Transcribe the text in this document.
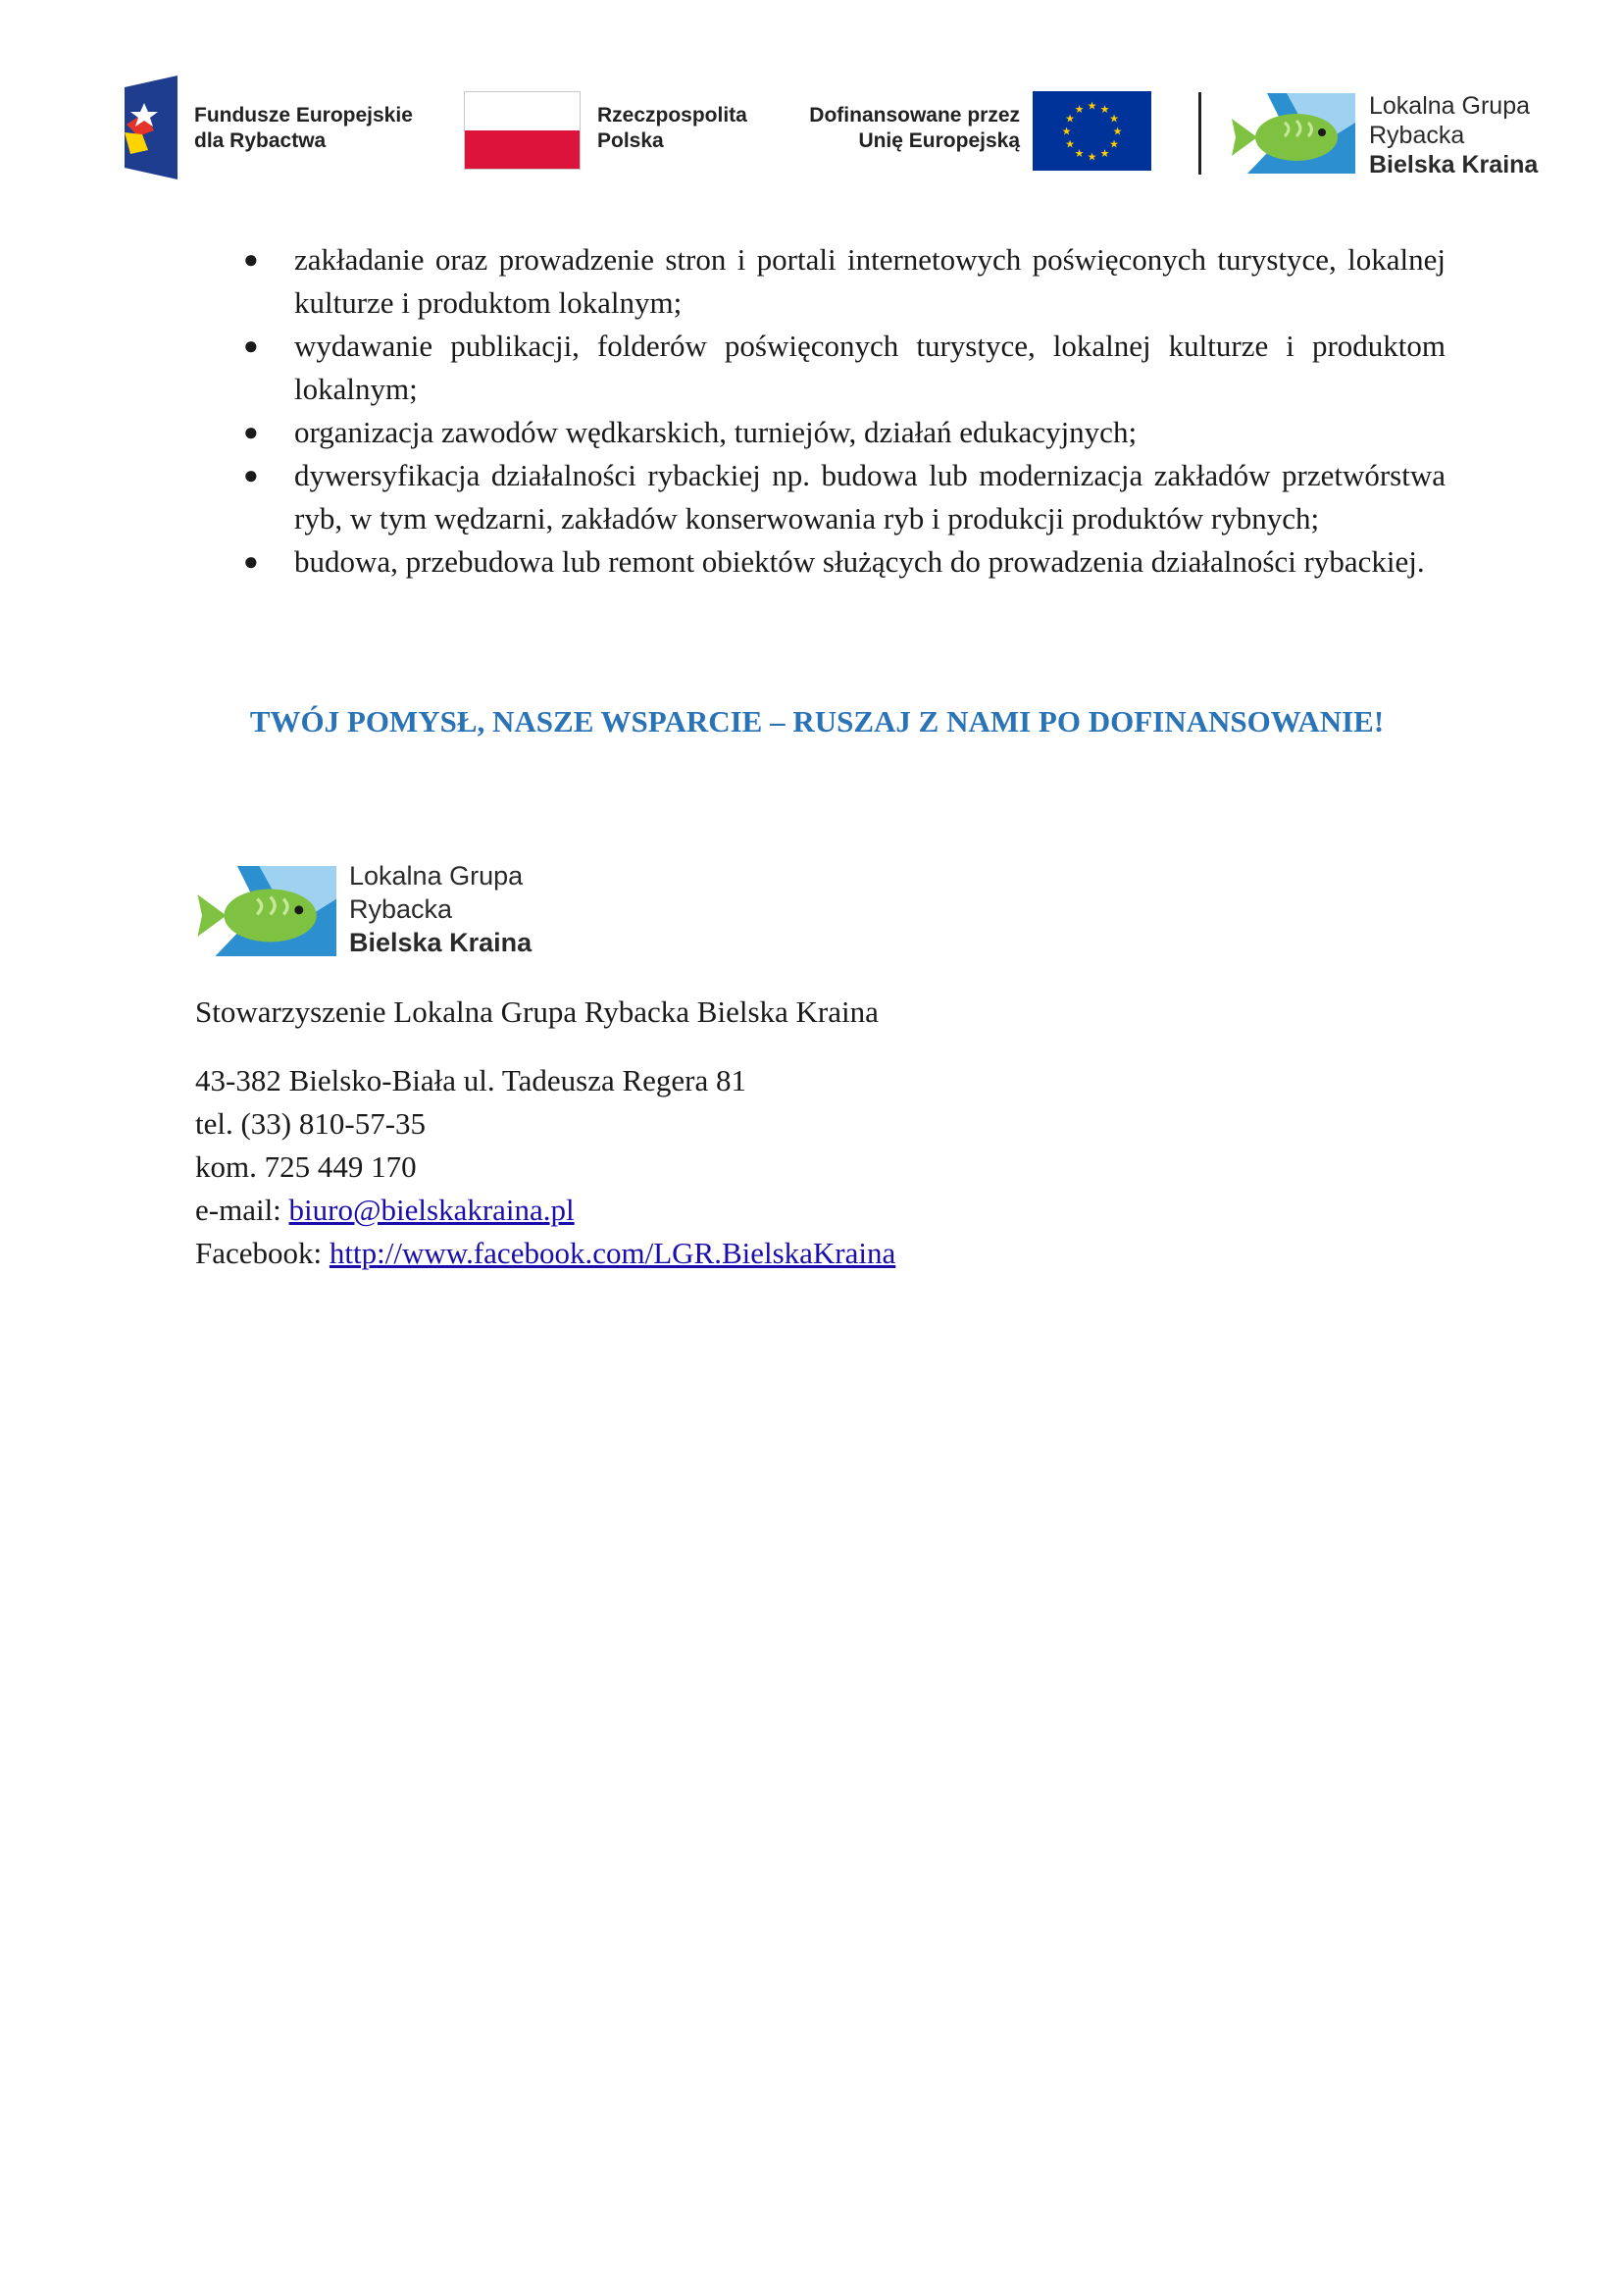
Fundusze Europejskie
dla Rybactwa
Rzeczpospolita
Polska
Dofinansowane przez
Unię Europejską
★ ★
★
★
★
★
★
★
★
★
★
★	Lokalna Grupa
Rybacka
Bielska Kraina
● zakładanie oraz prowadzenie stron i portali internetowych poświęconych turystyce, lokalnej kulturze i produktom lokalnym;
● wydawanie publikacji, folderów poświęconych turystyce, lokalnej kulturze i produktom lokalnym;
● organizacja zawodów wędkarskich, turniejów, działań edukacyjnych;
● dywersyfikacja działalności rybackiej np. budowa lub modernizacja zakładów przetwórstwa ryb, w tym wędzarni, zakładów konserwowania ryb i produkcji produktów rybnych;
● budowa, przebudowa lub remont obiektów służących do prowadzenia działalności rybackiej.
TWÓJ POMYSŁ, NASZE WSPARCIE – RUSZAJ Z NAMI PO DOFINANSOWANIE!
Lokalna Grupa
Rybacka
Bielska Kraina
Stowarzyszenie Lokalna Grupa Rybacka Bielska Kraina
43-382 Bielsko-Biała ul. Tadeusza Regera 81
tel. (33) 810-57-35
kom. 725 449 170
e-mail: biuro@bielskakraina.pl
Facebook: http://www.facebook.com/LGR.BielskaKraina
